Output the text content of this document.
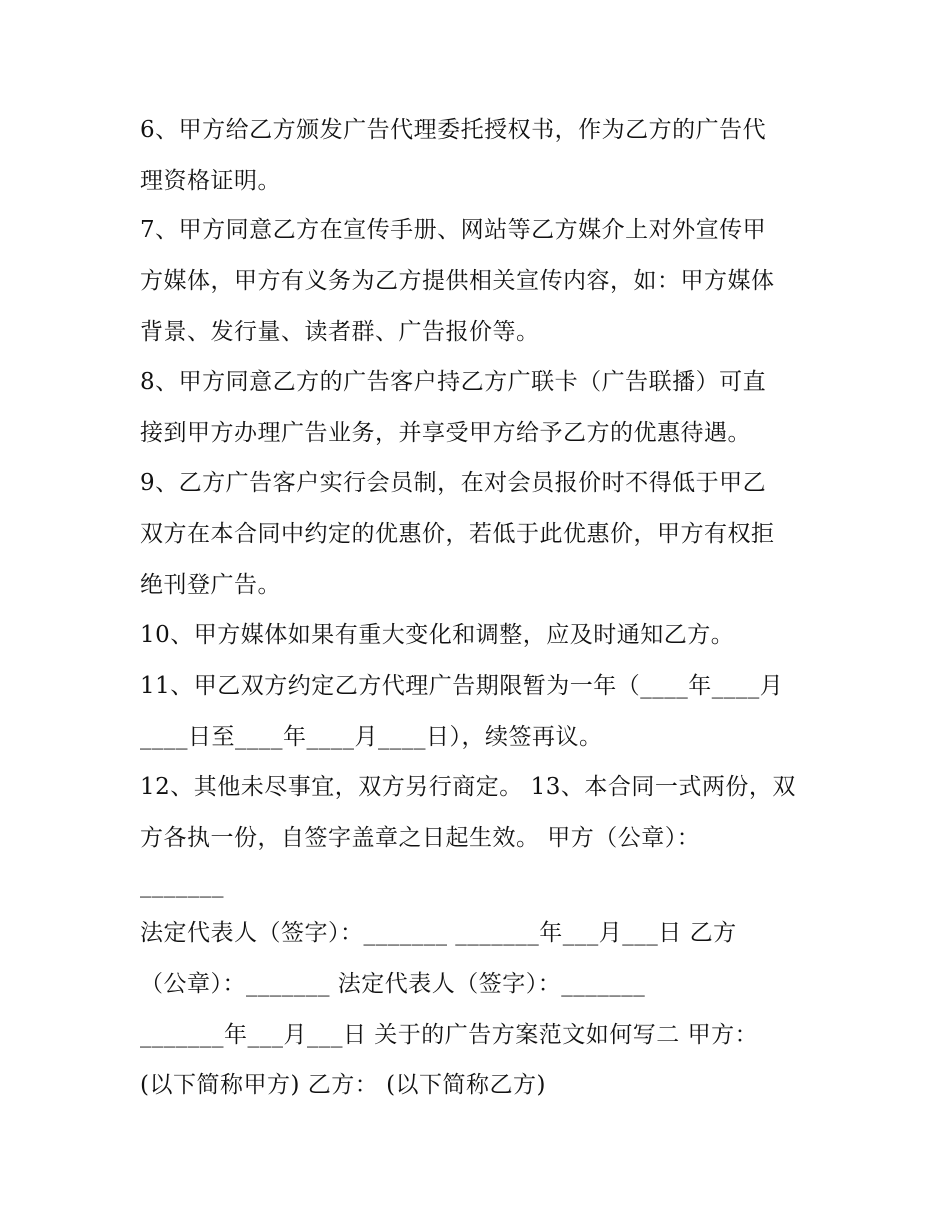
6、甲方给乙方颁发广告代理委托授权书，作为乙方的广告代
理资格证明。
7、甲方同意乙方在宣传手册、网站等乙方媒介上对外宣传甲
方媒体，甲方有义务为乙方提供相关宣传内容，如：甲方媒体
背景、发行量、读者群、广告报价等。
8、甲方同意乙方的广告客户持乙方广联卡（广告联播）可直
接到甲方办理广告业务，并享受甲方给予乙方的优惠待遇。
9、乙方广告客户实行会员制，在对会员报价时不得低于甲乙
双方在本合同中约定的优惠价，若低于此优惠价，甲方有权拒
绝刊登广告。
10、甲方媒体如果有重大变化和调整，应及时通知乙方。
11、甲乙双方约定乙方代理广告期限暂为一年（____年____月
____日至____年____月____日），续签再议。
12、其他未尽事宜，双方另行商定。 13、本合同一式两份，双
方各执一份，自签字盖章之日起生效。 甲方（公章）：
_______
法定代表人（签字）：_______ _______年___月___日 乙方
（公章）：_______ 法定代表人（签字）：_______
_______年___月___日 关于的广告方案范文如何写二 甲方：
(以下简称甲方) 乙方： (以下简称乙方)
